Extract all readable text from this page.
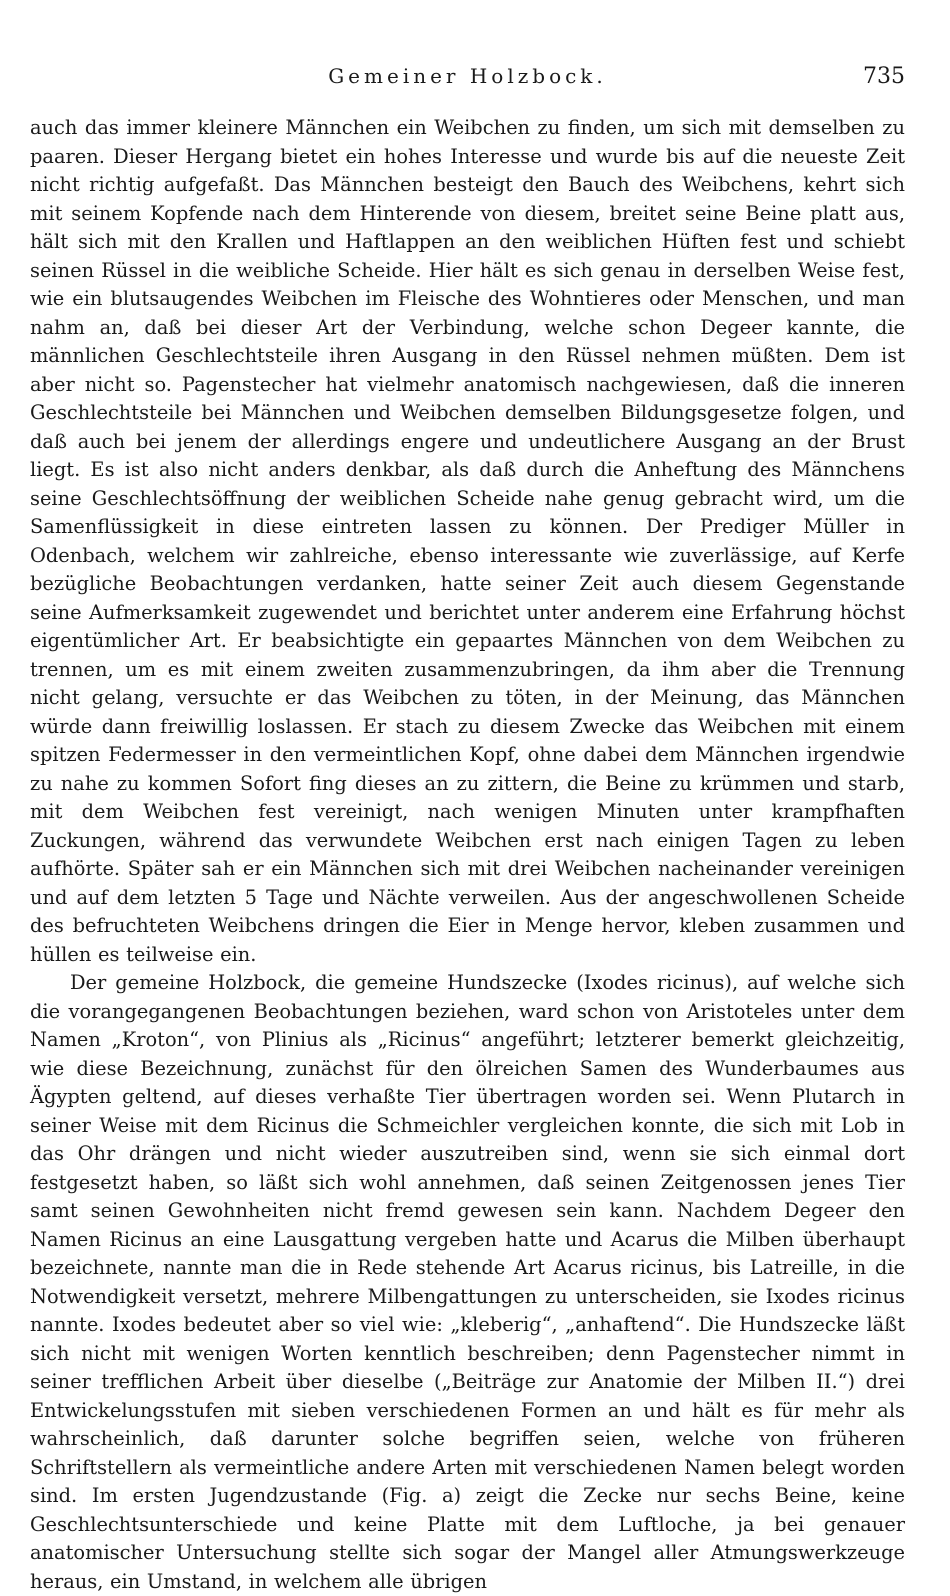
Gemeiner Holzbock.	735

auch das immer kleinere Männchen ein Weibchen zu finden, um sich mit demselben zu paaren. Dieser Hergang bietet ein hohes Interesse und wurde bis auf die neueste Zeit nicht richtig aufgefaßt. Das Männchen besteigt den Bauch des Weibchens, kehrt sich mit seinem Kopfende nach dem Hinterende von diesem, breitet seine Beine platt aus, hält sich mit den Krallen und Haftlappen an den weiblichen Hüften fest und schiebt seinen Rüssel in die weibliche Scheide. Hier hält es sich genau in derselben Weise fest, wie ein blutsaugendes Weibchen im Fleische des Wohntieres oder Menschen, und man nahm an, daß bei dieser Art der Verbindung, welche schon Degeer kannte, die männlichen Geschlechtsteile ihren Ausgang in den Rüssel nehmen müßten. Dem ist aber nicht so. Pagenstecher hat vielmehr anatomisch nachgewiesen, daß die inneren Geschlechtsteile bei Männchen und Weibchen demselben Bildungsgesetze folgen, und daß auch bei jenem der allerdings engere und undeutlichere Ausgang an der Brust liegt. Es ist also nicht anders denkbar, als daß durch die Anheftung des Männchens seine Geschlechtsöffnung der weiblichen Scheide nahe genug gebracht wird, um die Samenflüssigkeit in diese eintreten lassen zu können. Der Prediger Müller in Odenbach, welchem wir zahlreiche, ebenso interessante wie zuverlässige, auf Kerfe bezügliche Beobachtungen verdanken, hatte seiner Zeit auch diesem Gegenstande seine Aufmerksamkeit zugewendet und berichtet unter anderem eine Erfahrung höchst eigentümlicher Art. Er beabsichtigte ein gepaartes Männchen von dem Weibchen zu trennen, um es mit einem zweiten zusammenzubringen, da ihm aber die Trennung nicht gelang, versuchte er das Weibchen zu töten, in der Meinung, das Männchen würde dann freiwillig loslassen. Er stach zu diesem Zwecke das Weibchen mit einem spitzen Federmesser in den vermeintlichen Kopf, ohne dabei dem Männchen irgendwie zu nahe zu kommen Sofort fing dieses an zu zittern, die Beine zu krümmen und starb, mit dem Weibchen fest vereinigt, nach wenigen Minuten unter krampfhaften Zuckungen, während das verwundete Weibchen erst nach einigen Tagen zu leben aufhörte. Später sah er ein Männchen sich mit drei Weibchen nacheinander vereinigen und auf dem letzten 5 Tage und Nächte verweilen. Aus der angeschwollenen Scheide des befruchteten Weibchens dringen die Eier in Menge hervor, kleben zusammen und hüllen es teilweise ein.

Der gemeine Holzbock, die gemeine Hundszecke (Ixodes ricinus), auf welche sich die vorangegangenen Beobachtungen beziehen, ward schon von Aristoteles unter dem Namen „Kroton“, von Plinius als „Ricinus“ angeführt; letzterer bemerkt gleichzeitig, wie diese Bezeichnung, zunächst für den ölreichen Samen des Wunderbaumes aus Ägypten geltend, auf dieses verhaßte Tier übertragen worden sei. Wenn Plutarch in seiner Weise mit dem Ricinus die Schmeichler vergleichen konnte, die sich mit Lob in das Ohr drängen und nicht wieder auszutreiben sind, wenn sie sich einmal dort festgesetzt haben, so läßt sich wohl annehmen, daß seinen Zeitgenossen jenes Tier samt seinen Gewohnheiten nicht fremd gewesen sein kann. Nachdem Degeer den Namen Ricinus an eine Lausgattung vergeben hatte und Acarus die Milben überhaupt bezeichnete, nannte man die in Rede stehende Art Acarus ricinus, bis Latreille, in die Notwendigkeit versetzt, mehrere Milbengattungen zu unterscheiden, sie Ixodes ricinus nannte. Ixodes bedeutet aber so viel wie: „kleberig“, „anhaftend“. Die Hundszecke läßt sich nicht mit wenigen Worten kenntlich beschreiben; denn Pagenstecher nimmt in seiner trefflichen Arbeit über dieselbe („Beiträge zur Anatomie der Milben II.“) drei Entwickelungsstufen mit sieben verschiedenen Formen an und hält es für mehr als wahrscheinlich, daß darunter solche begriffen seien, welche von früheren Schriftstellern als vermeintliche andere Arten mit verschiedenen Namen belegt worden sind. Im ersten Jugendzustande (Fig. a) zeigt die Zecke nur sechs Beine, keine Geschlechtsunterschiede und keine Platte mit dem Luftloche, ja bei genauer anatomischer Untersuchung stellte sich sogar der Mangel aller Atmungswerkzeuge heraus, ein Umstand, in welchem alle übrigen
